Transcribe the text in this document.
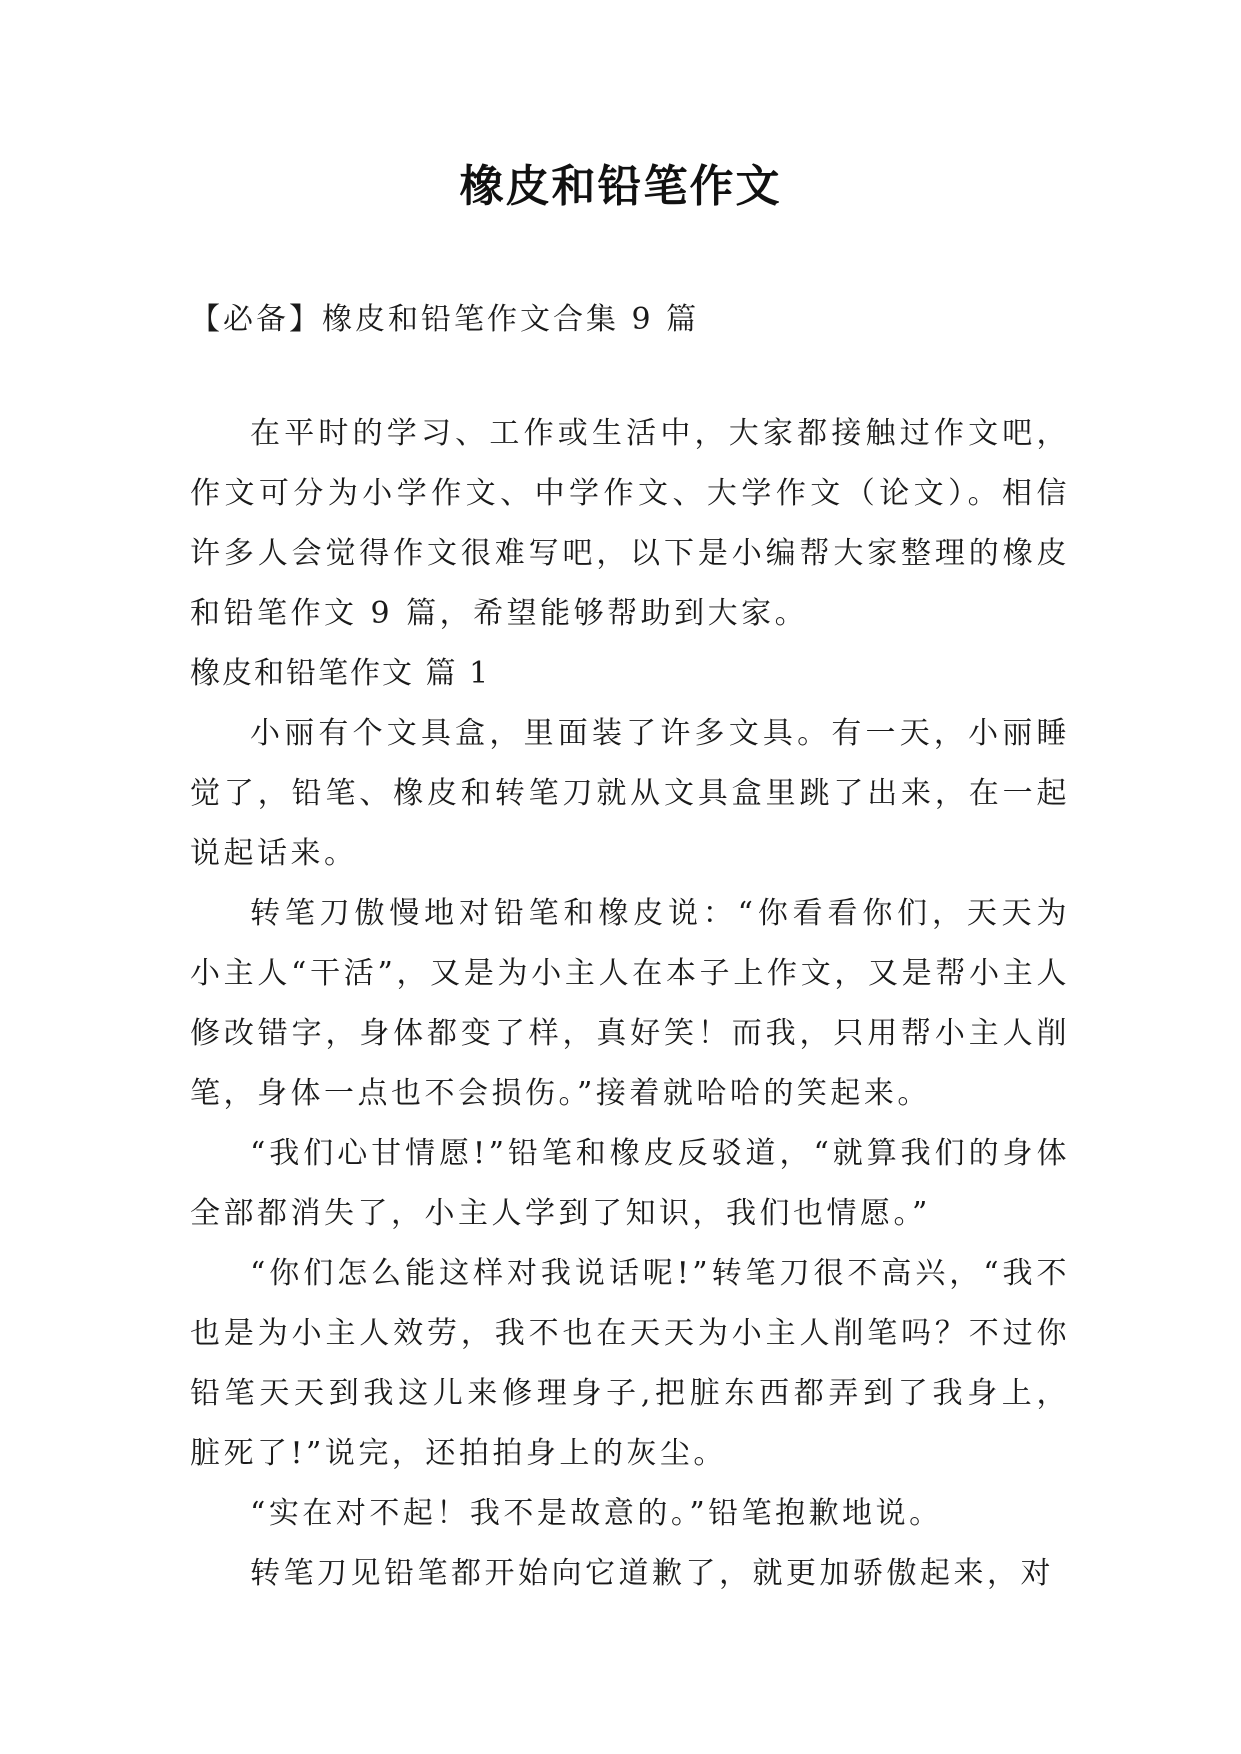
橡皮和铅笔作文
【必备】橡皮和铅笔作文合集 9 篇

在平时的学习、工作或生活中，大家都接触过作文吧，作文可分为小学作文、中学作文、大学作文（论文）。相信许多人会觉得作文很难写吧，以下是小编帮大家整理的橡皮和铅笔作文 9 篇，希望能够帮助到大家。

橡皮和铅笔作文 篇 1

小丽有个文具盒，里面装了许多文具。有一天，小丽睡觉了，铅笔、橡皮和转笔刀就从文具盒里跳了出来，在一起说起话来。

转笔刀傲慢地对铅笔和橡皮说：“你看看你们，天天为小主人“干活”，又是为小主人在本子上作文，又是帮小主人修改错字，身体都变了样，真好笑！而我，只用帮小主人削笔，身体一点也不会损伤。”接着就哈哈的笑起来。

“我们心甘情愿!”铅笔和橡皮反驳道，“就算我们的身体全部都消失了，小主人学到了知识，我们也情愿。”

“你们怎么能这样对我说话呢!”转笔刀很不高兴，“我不也是为小主人效劳，我不也在天天为小主人削笔吗？不过你铅笔天天到我这儿来修理身子,把脏东西都弄到了我身上，脏死了!”说完，还拍拍身上的灰尘。

“实在对不起！我不是故意的。”铅笔抱歉地说。

转笔刀见铅笔都开始向它道歉了，就更加骄傲起来，对
